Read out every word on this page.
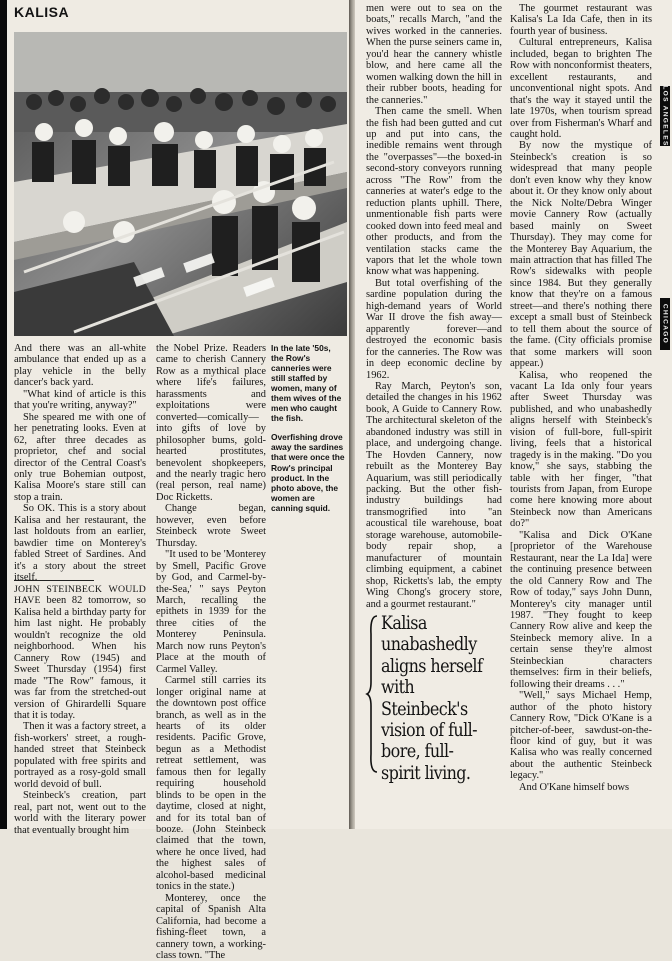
KALISA

And there was an all-white ambulance that ended up as a play vehicle in the belly dancer's back yard.

"What kind of article is this that you're writing, anyway?"

She speared me with one of her penetrating looks. Even at 62, after three decades as proprietor, chef and social director of the Central Coast's only true Bohemian outpost, Kalisa Moore's stare still can stop a train.

So OK. This is a story about Kalisa and her restaurant, the last holdouts from an earlier, bawdier time on Monterey's fabled Street of Sardines. And it's a story about the street itself.

JOHN STEINBECK WOULD HAVE been 82 tomorrow, so Kalisa held a birthday party for him last night. He probably wouldn't recognize the old neighborhood. When his Cannery Row (1945) and Sweet Thursday (1954) first made "The Row" famous, it was far from the stretched-out version of Ghirardelli Square that it is today.

Then it was a factory street, a fish-workers' street, a rough-handed street that Steinbeck populated with free spirits and portrayed as a rosy-gold small world devoid of bull.

Steinbeck's creation, part real, part not, went out to the world with the literary power that eventually brought him

the Nobel Prize. Readers came to cherish Cannery Row as a mythical place where life's failures, harassments and exploitations were converted—comically—into gifts of love by philosopher bums, gold-hearted prostitutes, benevolent shopkeepers, and the nearly tragic hero (real person, real name) Doc Ricketts.

Change began, however, even before Steinbeck wrote Sweet Thursday.

"It used to be 'Monterey by Smell, Pacific Grove by God, and Carmel-by-the-Sea,' " says Peyton March, recalling the epithets in 1939 for the three cities of the Monterey Peninsula. March now runs Peyton's Place at the mouth of Carmel Valley.

Carmel still carries its longer original name at the downtown post office branch, as well as in the hearts of its older residents. Pacific Grove, begun as a Methodist retreat settlement, was famous then for legally requiring household blinds to be open in the daytime, closed at night, and for its total ban of booze. (John Steinbeck claimed that the town, where he once lived, had the highest sales of alcohol-based medicinal tonics in the state.)

Monterey, once the capital of Spanish Alta California, had become a fishing-fleet town, a cannery town, a working-class town. "The

In the late '50s, the Row's canneries were still staffed by women, many of them wives of the men who caught the fish.

Overfishing drove away the sardines that were once the Row's principal product. In the photo above, the women are canning squid.

men were out to sea on the boats," recalls March, "and the wives worked in the canneries. When the purse seiners came in, you'd hear the cannery whistle blow, and here came all the women walking down the hill in their rubber boots, heading for the canneries."

Then came the smell. When the fish had been gutted and cut up and put into cans, the inedible remains went through the "overpasses"—the boxed-in second-story conveyors running across "The Row" from the canneries at water's edge to the reduction plants uphill. There, unmentionable fish parts were cooked down into feed meal and other products, and from the ventilation stacks came the vapors that let the whole town know what was happening.

But total overfishing of the sardine population during the high-demand years of World War II drove the fish away—apparently forever—and destroyed the economic basis for the canneries. The Row was in deep economic decline by 1962.

Ray March, Peyton's son, detailed the changes in his 1962 book, A Guide to Cannery Row. The architectural skeleton of the abandoned industry was still in place, and undergoing change. The Hovden Cannery, now rebuilt as the Monterey Bay Aquarium, was still periodically packing. But the other fish-industry buildings had transmogrified into "an acoustical tile warehouse, boat storage warehouse, automobile-body repair shop, a manufacturer of mountain climbing equipment, a cabinet shop, Ricketts's lab, the empty Wing Chong's grocery store, and a gourmet restaurant."

The gourmet restaurant was Kalisa's La Ida Cafe, then in its fourth year of business.

Cultural entrepreneurs, Kalisa included, began to brighten The Row with nonconformist theaters, excellent restaurants, and unconventional night spots. And that's the way it stayed until the late 1970s, when tourism spread over from Fisherman's Wharf and caught hold.

By now the mystique of Steinbeck's creation is so widespread that many people don't even know why they know about it. Or they know only about the Nick Nolte/Debra Winger movie Cannery Row (actually based mainly on Sweet Thursday). They may come for the Monterey Bay Aquarium, the main attraction that has filled The Row's sidewalks with people since 1984. But they generally know that they're on a famous street—and there's nothing there except a small bust of Steinbeck to tell them about the source of the fame. (City officials promise that some markers will soon appear.)

Kalisa, who reopened the vacant La Ida only four years after Sweet Thursday was published, and who unabashedly aligns herself with Steinbeck's vision of full-bore, full-spirit living, feels that a historical tragedy is in the making. "Do you know," she says, stabbing the table with her finger, "that tourists from Japan, from Europe come here knowing more about Steinbeck now than Americans do?"

"Kalisa and Dick O'Kane [proprietor of the Warehouse Restaurant, near the La Ida] were the continuing presence between the old Cannery Row and The Row of today," says John Dunn, Monterey's city manager until 1987. "They fought to keep Cannery Row alive and keep the Steinbeck memory alive. In a certain sense they're almost Steinbeckian characters themselves: firm in their beliefs, following their dreams . . ."

"Well," says Michael Hemp, author of the photo history Cannery Row, "Dick O'Kane is a pitcher-of-beer, sawdust-on-the-floor kind of guy, but it was Kalisa who was really concerned about the authentic Steinbeck legacy."

And O'Kane himself bows

Kalisa unabashedly aligns herself with Steinbeck's vision of full-bore, full-spirit living.
LOS ANGELES
CHICAGO
